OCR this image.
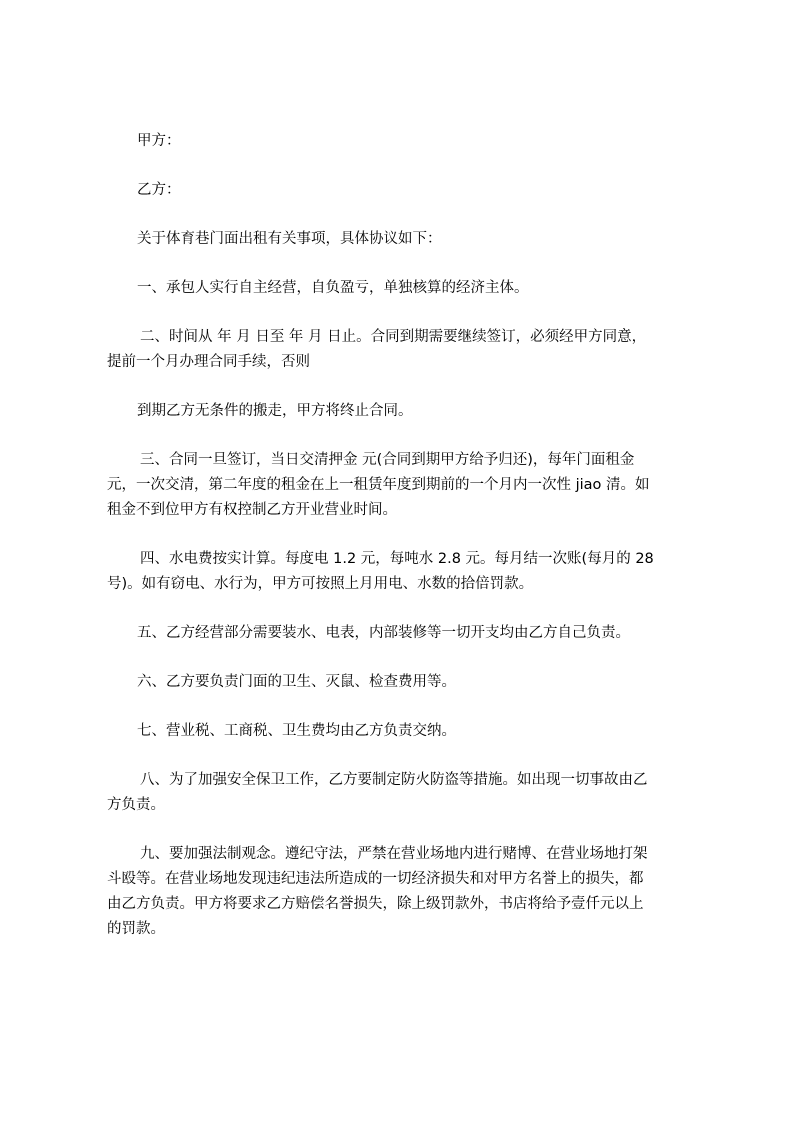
甲方：

乙方：

关于体育巷门面出租有关事项，具体协议如下：

一、承包人实行自主经营，自负盈亏，单独核算的经济主体。

二、时间从 年 月 日至 年 月 日止。合同到期需要继续签订，必须经甲方同意，
提前一个月办理合同手续，否则

到期乙方无条件的搬走，甲方将终止合同。

三、合同一旦签订，当日交清押金 元(合同到期甲方给予归还)，每年门面租金
元，一次交清，第二年度的租金在上一租赁年度到期前的一个月内一次性 jiao 清。如
租金不到位甲方有权控制乙方开业营业时间。

四、水电费按实计算。每度电 1.2 元，每吨水 2.8 元。每月结一次账(每月的 28
号)。如有窃电、水行为，甲方可按照上月用电、水数的拾倍罚款。

五、乙方经营部分需要装水、电表，内部装修等一切开支均由乙方自己负责。

六、乙方要负责门面的卫生、灭鼠、检查费用等。

七、营业税、工商税、卫生费均由乙方负责交纳。

八、为了加强安全保卫工作，乙方要制定防火防盗等措施。如出现一切事故由乙
方负责。

九、要加强法制观念。遵纪守法，严禁在营业场地内进行赌博、在营业场地打架
斗殴等。在营业场地发现违纪违法所造成的一切经济损失和对甲方名誉上的损失，都
由乙方负责。甲方将要求乙方赔偿名誉损失，除上级罚款外，书店将给予壹仟元以上
的罚款。
